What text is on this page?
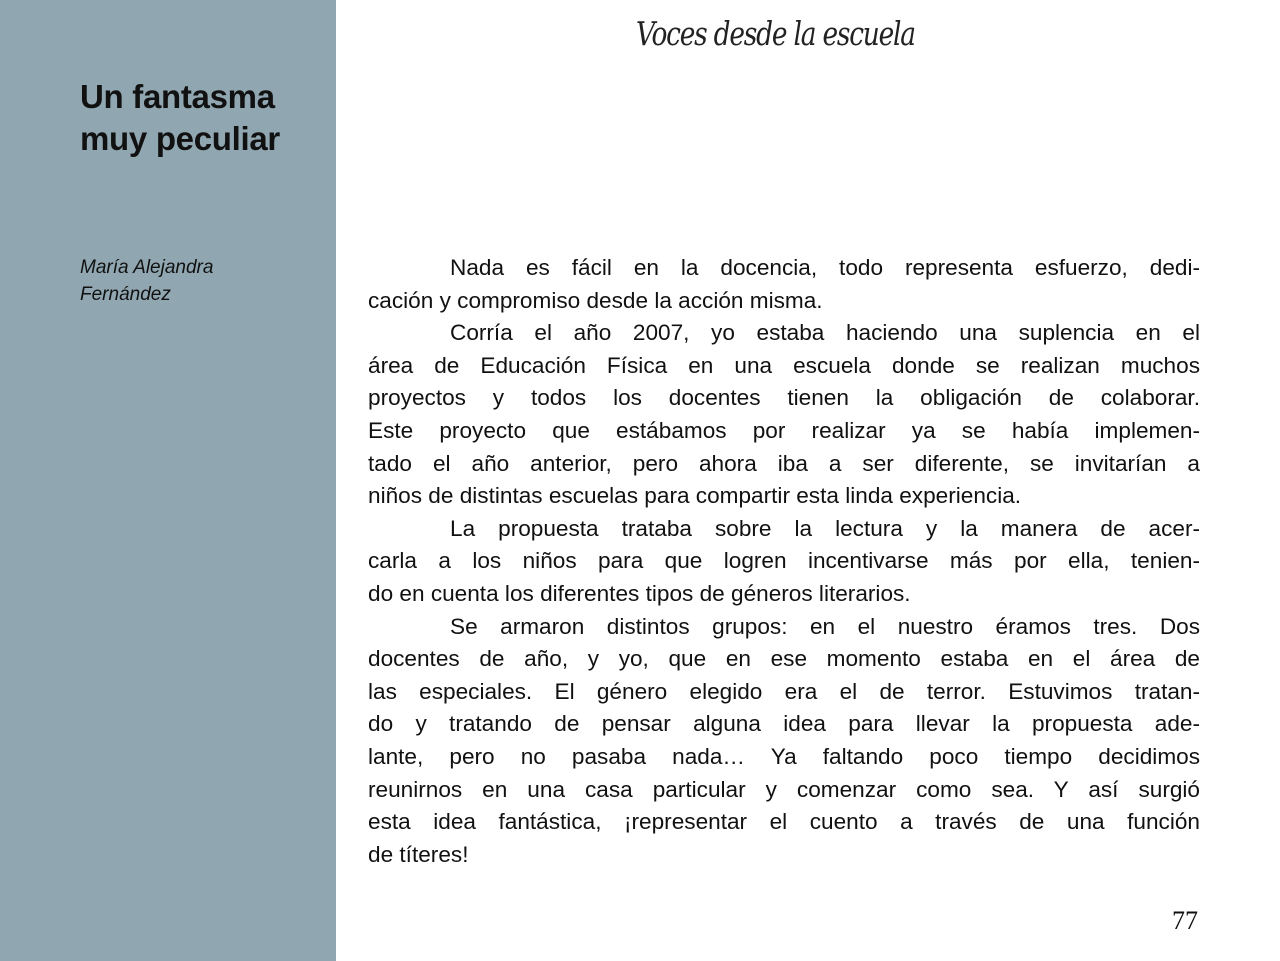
Un fantasma
muy peculiar
María Alejandra
Fernández
Voces desde la escuela
Nada es fácil en la docencia, todo representa esfuerzo, dedi-
cación y compromiso desde la acción misma.
Corría el año 2007, yo estaba haciendo una suplencia en el
área de Educación Física en una escuela donde se realizan muchos
proyectos y todos los docentes tienen la obligación de colaborar.
Este proyecto que estábamos por realizar ya se había implemen-
tado el año anterior, pero ahora iba a ser diferente, se invitarían a
niños de distintas escuelas para compartir esta linda experiencia.
La propuesta trataba sobre la lectura y la manera de acer-
carla a los niños para que logren incentivarse más por ella, tenien-
do en cuenta los diferentes tipos de géneros literarios.
Se armaron distintos grupos: en el nuestro éramos tres. Dos
docentes de año, y yo, que en ese momento estaba en el área de
las especiales. El género elegido era el de terror. Estuvimos tratan-
do y tratando de pensar alguna idea para llevar la propuesta ade-
lante, pero no pasaba nada… Ya faltando poco tiempo decidimos
reunirnos en una casa particular y comenzar como sea. Y así surgió
esta idea fantástica, ¡representar el cuento a través de una función
de títeres!
77
